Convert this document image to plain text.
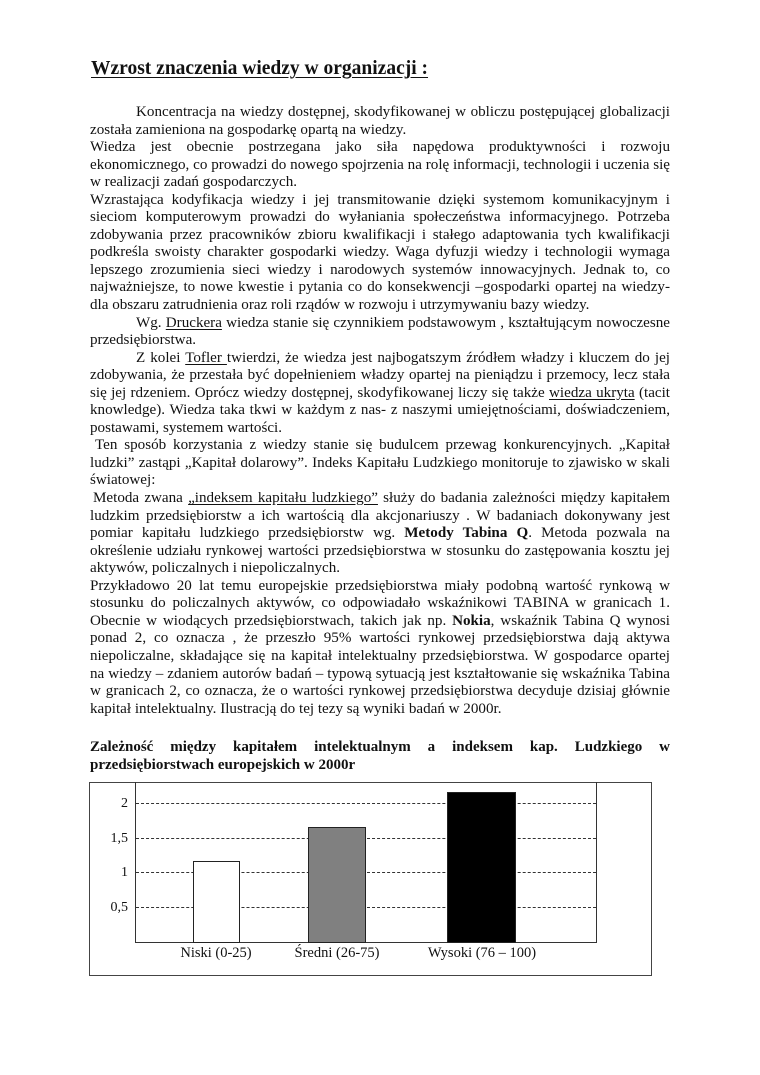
Wzrost znaczenia wiedzy w organizacji :

Koncentracja na wiedzy dostępnej, skodyfikowanej w obliczu postępującej globalizacji została zamieniona na gospodarkę opartą na wiedzy.

Wiedza jest obecnie postrzegana jako siła napędowa produktywności i rozwoju ekonomicznego, co prowadzi do nowego spojrzenia na rolę informacji, technologii i uczenia się w realizacji zadań gospodarczych.

Wzrastająca kodyfikacja wiedzy i jej transmitowanie dzięki systemom komunikacyjnym i sieciom komputerowym prowadzi do wyłaniania społeczeństwa informacyjnego. Potrzeba zdobywania przez pracowników zbioru kwalifikacji i stałego adaptowania tych kwalifikacji podkreśla swoisty charakter gospodarki wiedzy. Waga dyfuzji wiedzy i technologii wymaga lepszego zrozumienia sieci wiedzy i narodowych systemów innowacyjnych. Jednak to, co najważniejsze, to nowe kwestie i pytania co do konsekwencji –gospodarki opartej na wiedzy- dla obszaru zatrudnienia oraz roli rządów w rozwoju i utrzymywaniu bazy wiedzy.

Wg. Druckera wiedza stanie się czynnikiem podstawowym , kształtującym nowoczesne przedsiębiorstwa.

Z kolei Tofler twierdzi, że wiedza jest najbogatszym źródłem władzy i kluczem do jej zdobywania, że przestała być dopełnieniem władzy opartej na pieniądzu i przemocy, lecz stała się jej rdzeniem. Oprócz wiedzy dostępnej, skodyfikowanej liczy się także wiedza ukryta (tacit knowledge). Wiedza taka tkwi w każdym z nas- z naszymi umiejętnościami, doświadczeniem, postawami, systemem wartości.

Ten sposób korzystania z wiedzy stanie się budulcem przewag konkurencyjnych. „Kapitał ludzki” zastąpi „Kapitał dolarowy”. Indeks Kapitału Ludzkiego monitoruje to zjawisko w skali światowej:

Metoda zwana „indeksem kapitału ludzkiego” służy do badania zależności między kapitałem ludzkim przedsiębiorstw a ich wartością dla akcjonariuszy . W badaniach dokonywany jest pomiar kapitału ludzkiego przedsiębiorstw wg. Metody Tabina Q. Metoda pozwala na określenie udziału rynkowej wartości przedsiębiorstwa w stosunku do zastępowania kosztu jej aktywów, policzalnych i niepoliczalnych.

Przykładowo 20 lat temu europejskie przedsiębiorstwa miały podobną wartość rynkową w stosunku do policzalnych aktywów, co odpowiadało wskaźnikowi TABINA w granicach 1. Obecnie w wiodących przedsiębiorstwach, takich jak np. Nokia, wskaźnik Tabina Q wynosi ponad 2, co oznacza , że przeszło 95% wartości rynkowej przedsiębiorstwa dają aktywa niepoliczalne, składające się na kapitał intelektualny przedsiębiorstwa. W gospodarce opartej na wiedzy – zdaniem autorów badań – typową sytuacją jest kształtowanie się wskaźnika Tabina w granicach 2, co oznacza, że o wartości rynkowej przedsiębiorstwa decyduje dzisiaj głównie kapitał intelektualny. Ilustracją do tej tezy są wyniki badań w 2000r.

Zależność między kapitałem intelektualnym a indeksem kap. Ludzkiego w przedsiębiorstwach europejskich w 2000r

2
1,5
1
0,5
Niski (0-25)	Średni (26-75)	Wysoki (76 – 100)
